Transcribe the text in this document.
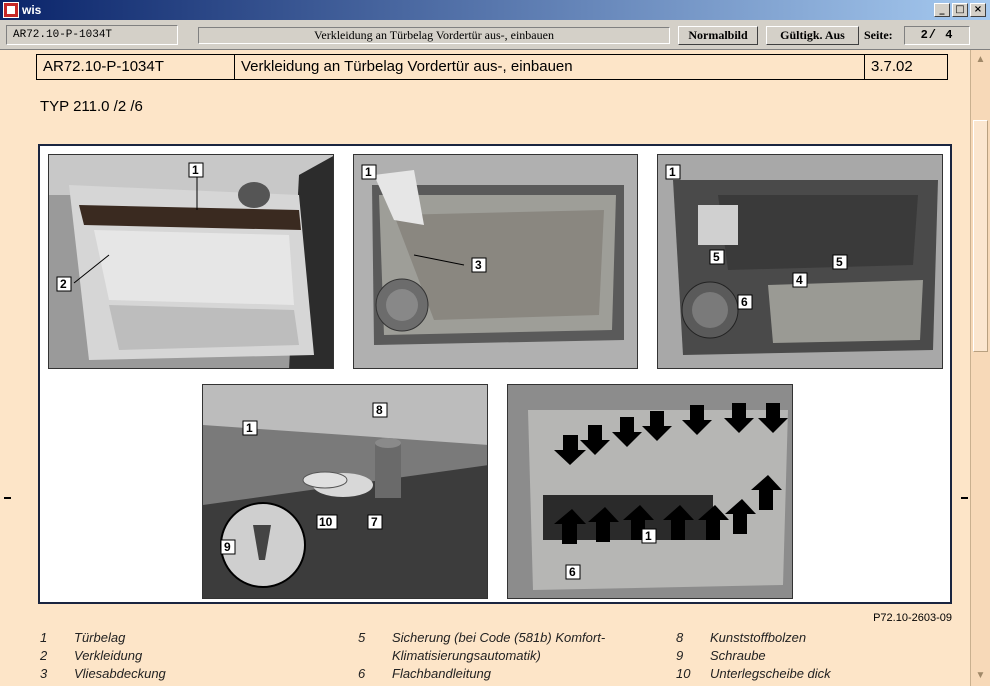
wis	_	□ ×
AR72.10-P-1034T	Verkleidung an Türbelag Vordertür aus-, einbauen	Normalbild	Gültigk. Aus	Seite:	2/ 4
AR72.10-P-1034T	Verkleidung an Türbelag Vordertür aus-, einbauen	3.7.02
TYP 211.0 /2 /6
1
2
1
3
1
5
4
5
6
8
1
10	7
9
1
6
P72.10-2603-09
1	Türbelag
2	Verkleidung
3	Vliesabdeckung
5	Sicherung (bei Code (581b) Komfort-
Klimatisierungsautomatik)
6	Flachbandleitung
8	Kunststoffbolzen
9	Schraube
10	Unterlegscheibe dick
▲
▼
